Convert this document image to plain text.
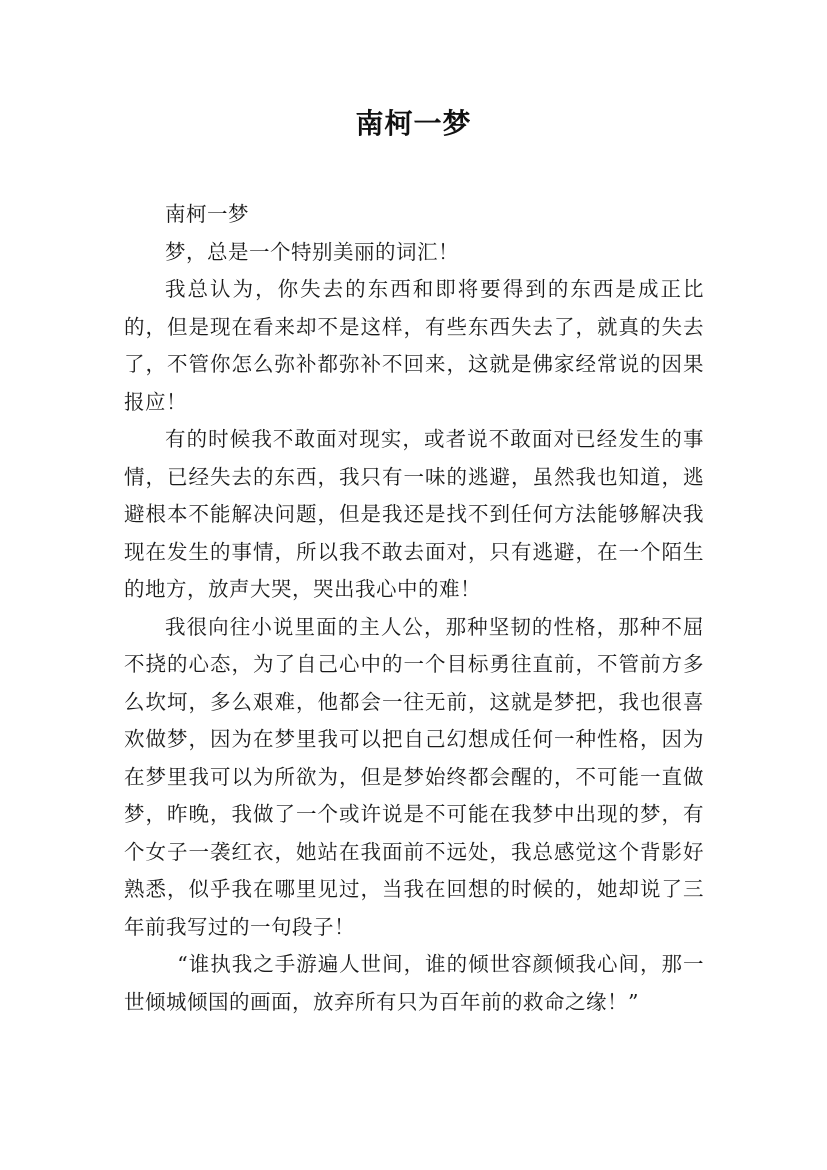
南柯一梦

南柯一梦

梦，总是一个特别美丽的词汇！

我总认为，你失去的东西和即将要得到的东西是成正比的，但是现在看来却不是这样，有些东西失去了，就真的失去了，不管你怎么弥补都弥补不回来，这就是佛家经常说的因果报应！

有的时候我不敢面对现实，或者说不敢面对已经发生的事情，已经失去的东西，我只有一味的逃避，虽然我也知道，逃避根本不能解决问题，但是我还是找不到任何方法能够解决我现在发生的事情，所以我不敢去面对，只有逃避，在一个陌生的地方，放声大哭，哭出我心中的难！

我很向往小说里面的主人公，那种坚韧的性格，那种不屈不挠的心态，为了自己心中的一个目标勇往直前，不管前方多么坎坷，多么艰难，他都会一往无前，这就是梦把，我也很喜欢做梦，因为在梦里我可以把自己幻想成任何一种性格，因为在梦里我可以为所欲为，但是梦始终都会醒的，不可能一直做梦，昨晚，我做了一个或许说是不可能在我梦中出现的梦，有个女子一袭红衣，她站在我面前不远处，我总感觉这个背影好熟悉，似乎我在哪里见过，当我在回想的时候的，她却说了三年前我写过的一句段子！

“谁执我之手游遍人世间，谁的倾世容颜倾我心间，那一世倾城倾国的画面，放弃所有只为百年前的救命之缘！”
